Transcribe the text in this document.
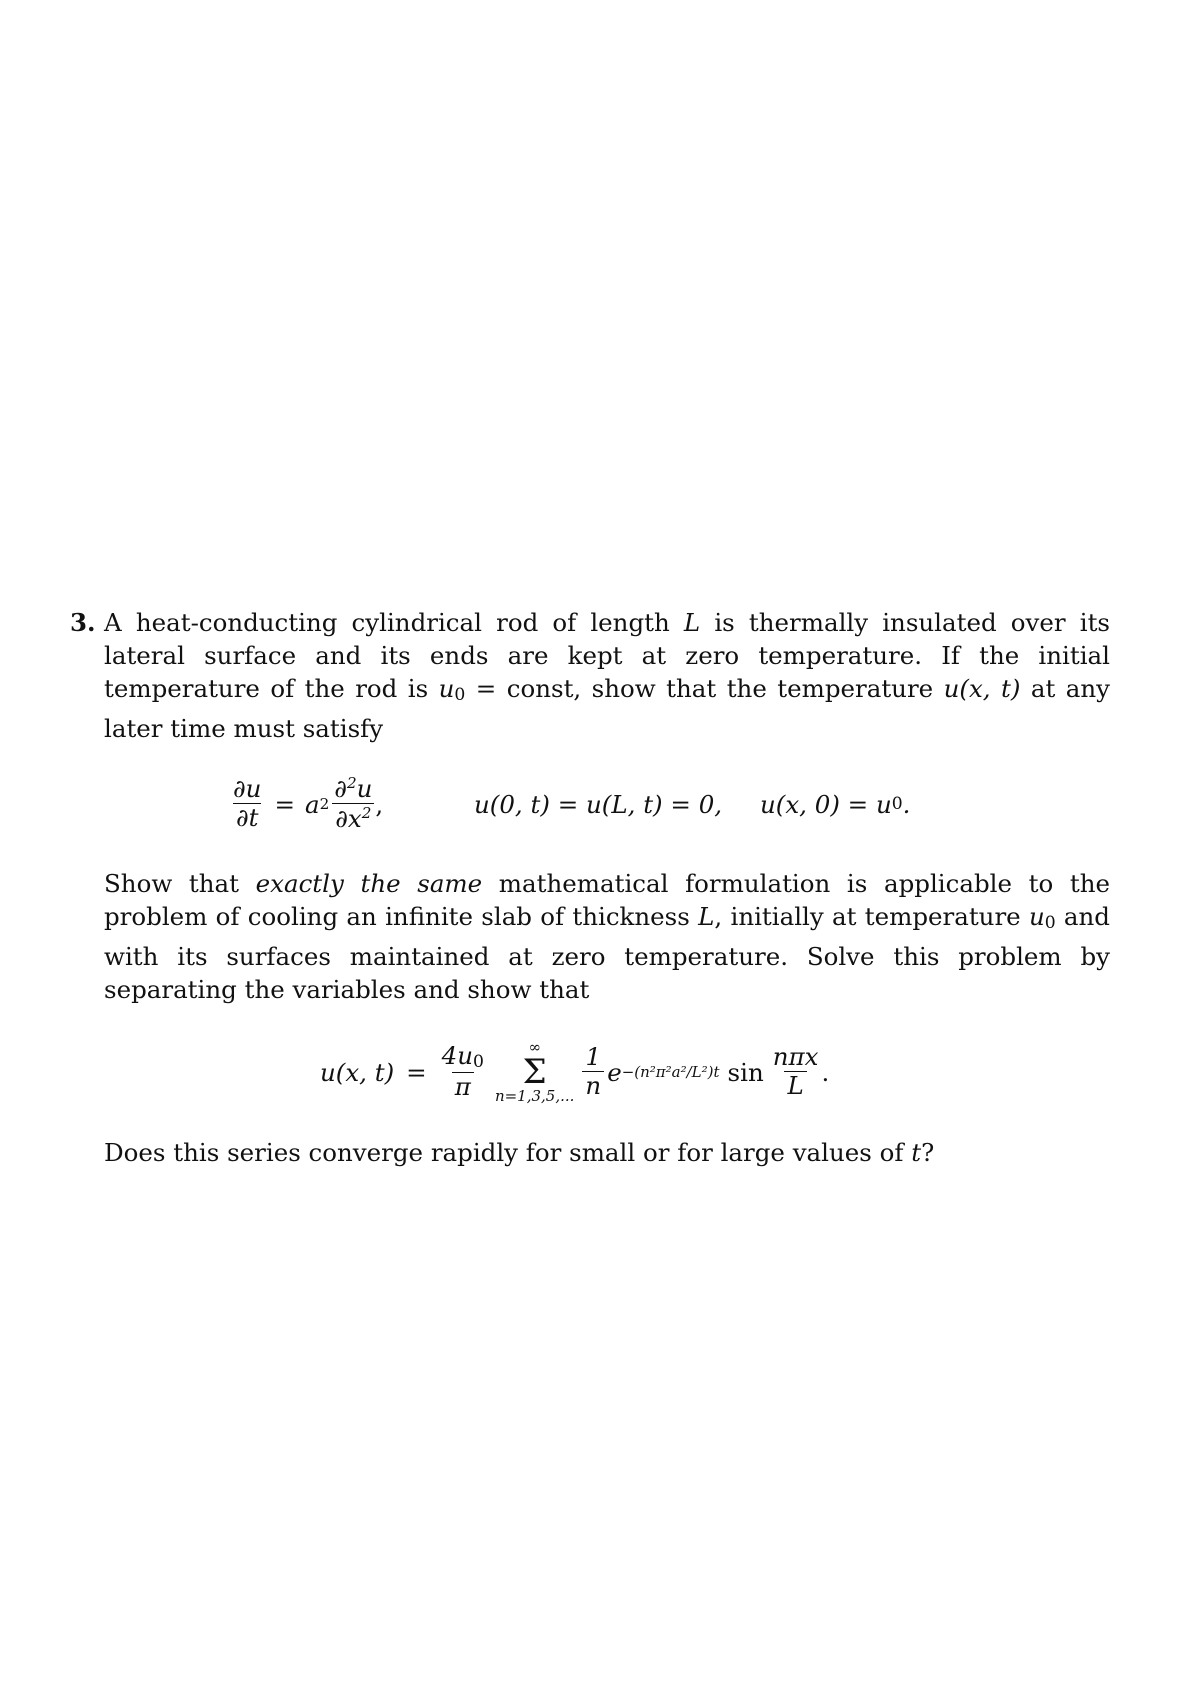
3. A heat-conducting cylindrical rod of length L is thermally insulated over its lateral surface and its ends are kept at zero temperature. If the initial temperature of the rod is $u_0$ = const, show that the temperature u(x, t) at any later time must satisfy
$\frac{\partial u}{\partial t} = a$ $2 \frac{\partial^2u}{\partial x^2}$ ,	u(0, t) = u(L, t) = 0, u(x, 0) = u 0 .
Show that exactly the same mathematical formulation is applicable to the problem of cooling an infinite slab of thickness L, initially at temperature $u_0$ and with its surfaces maintained at zero temperature. Solve this problem by separating the variables and show that
u(x, $t) = \frac{4u_0}{\pi}$	∞
Σ
n=1,3,5,... $\frac{1}{n}$ e −(n²π²a²/L²)t $\sin \frac{\text{nπx}}{L}$ .
Does this series converge rapidly for small or for large values of t?
